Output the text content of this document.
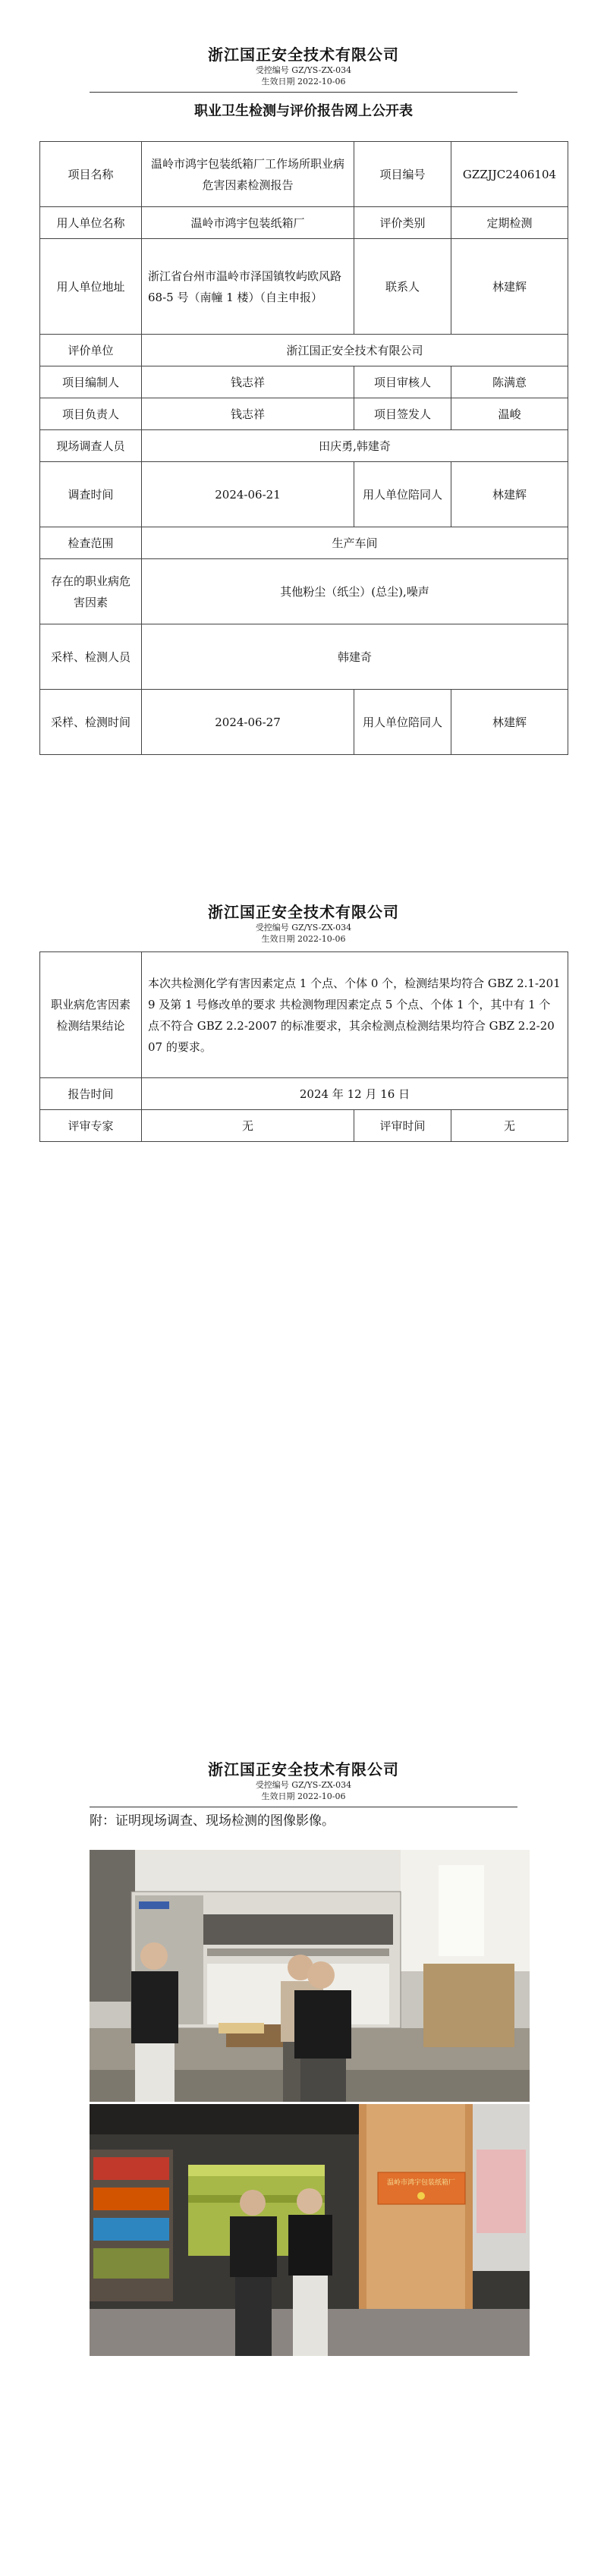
浙江国正安全技术有限公司
受控编号 GZ/YS-ZX-034
生效日期 2022-10-06
职业卫生检测与评价报告网上公开表
项目名称	温岭市鸿宇包装纸箱厂工作场所职业病危害因素检测报告	项目编号	GZZJJC2406104
用人单位名称	温岭市鸿宇包装纸箱厂	评价类别	定期检测
用人单位地址	浙江省台州市温岭市泽国镇牧屿欧风路 68-5 号（南幢 1 楼）（自主申报）	联系人	林建辉
评价单位	浙江国正安全技术有限公司		
项目编制人	钱志祥	项目审核人	陈满意
项目负责人	钱志祥	项目签发人	温峻
现场调查人员	田庆勇,韩建奇		
调查时间	2024-06-21	用人单位陪同人	林建辉
检查范围	生产车间		
存在的职业病危害因素	其他粉尘（纸尘）(总尘),噪声		
采样、检测人员	韩建奇		
采样、检测时间	2024-06-27	用人单位陪同人	林建辉
浙江国正安全技术有限公司
受控编号 GZ/YS-ZX-034
生效日期 2022-10-06
职业病危害因素检测结果结论	本次共检测化学有害因素定点 1 个点、个体 0 个，检测结果均符合 GBZ 2.1-2019 及第 1 号修改单的要求 共检测物理因素定点 5 个点、个体 1 个，其中有 1 个点不符合 GBZ 2.2-2007 的标准要求，其余检测点检测结果均符合 GBZ 2.2-2007 的要求。		
报告时间	2024 年 12 月 16 日		
评审专家	无	评审时间	无
浙江国正安全技术有限公司
受控编号 GZ/YS-ZX-034
生效日期 2022-10-06
附：证明现场调查、现场检测的图像影像。
温岭市鸿宇包装纸箱厂
